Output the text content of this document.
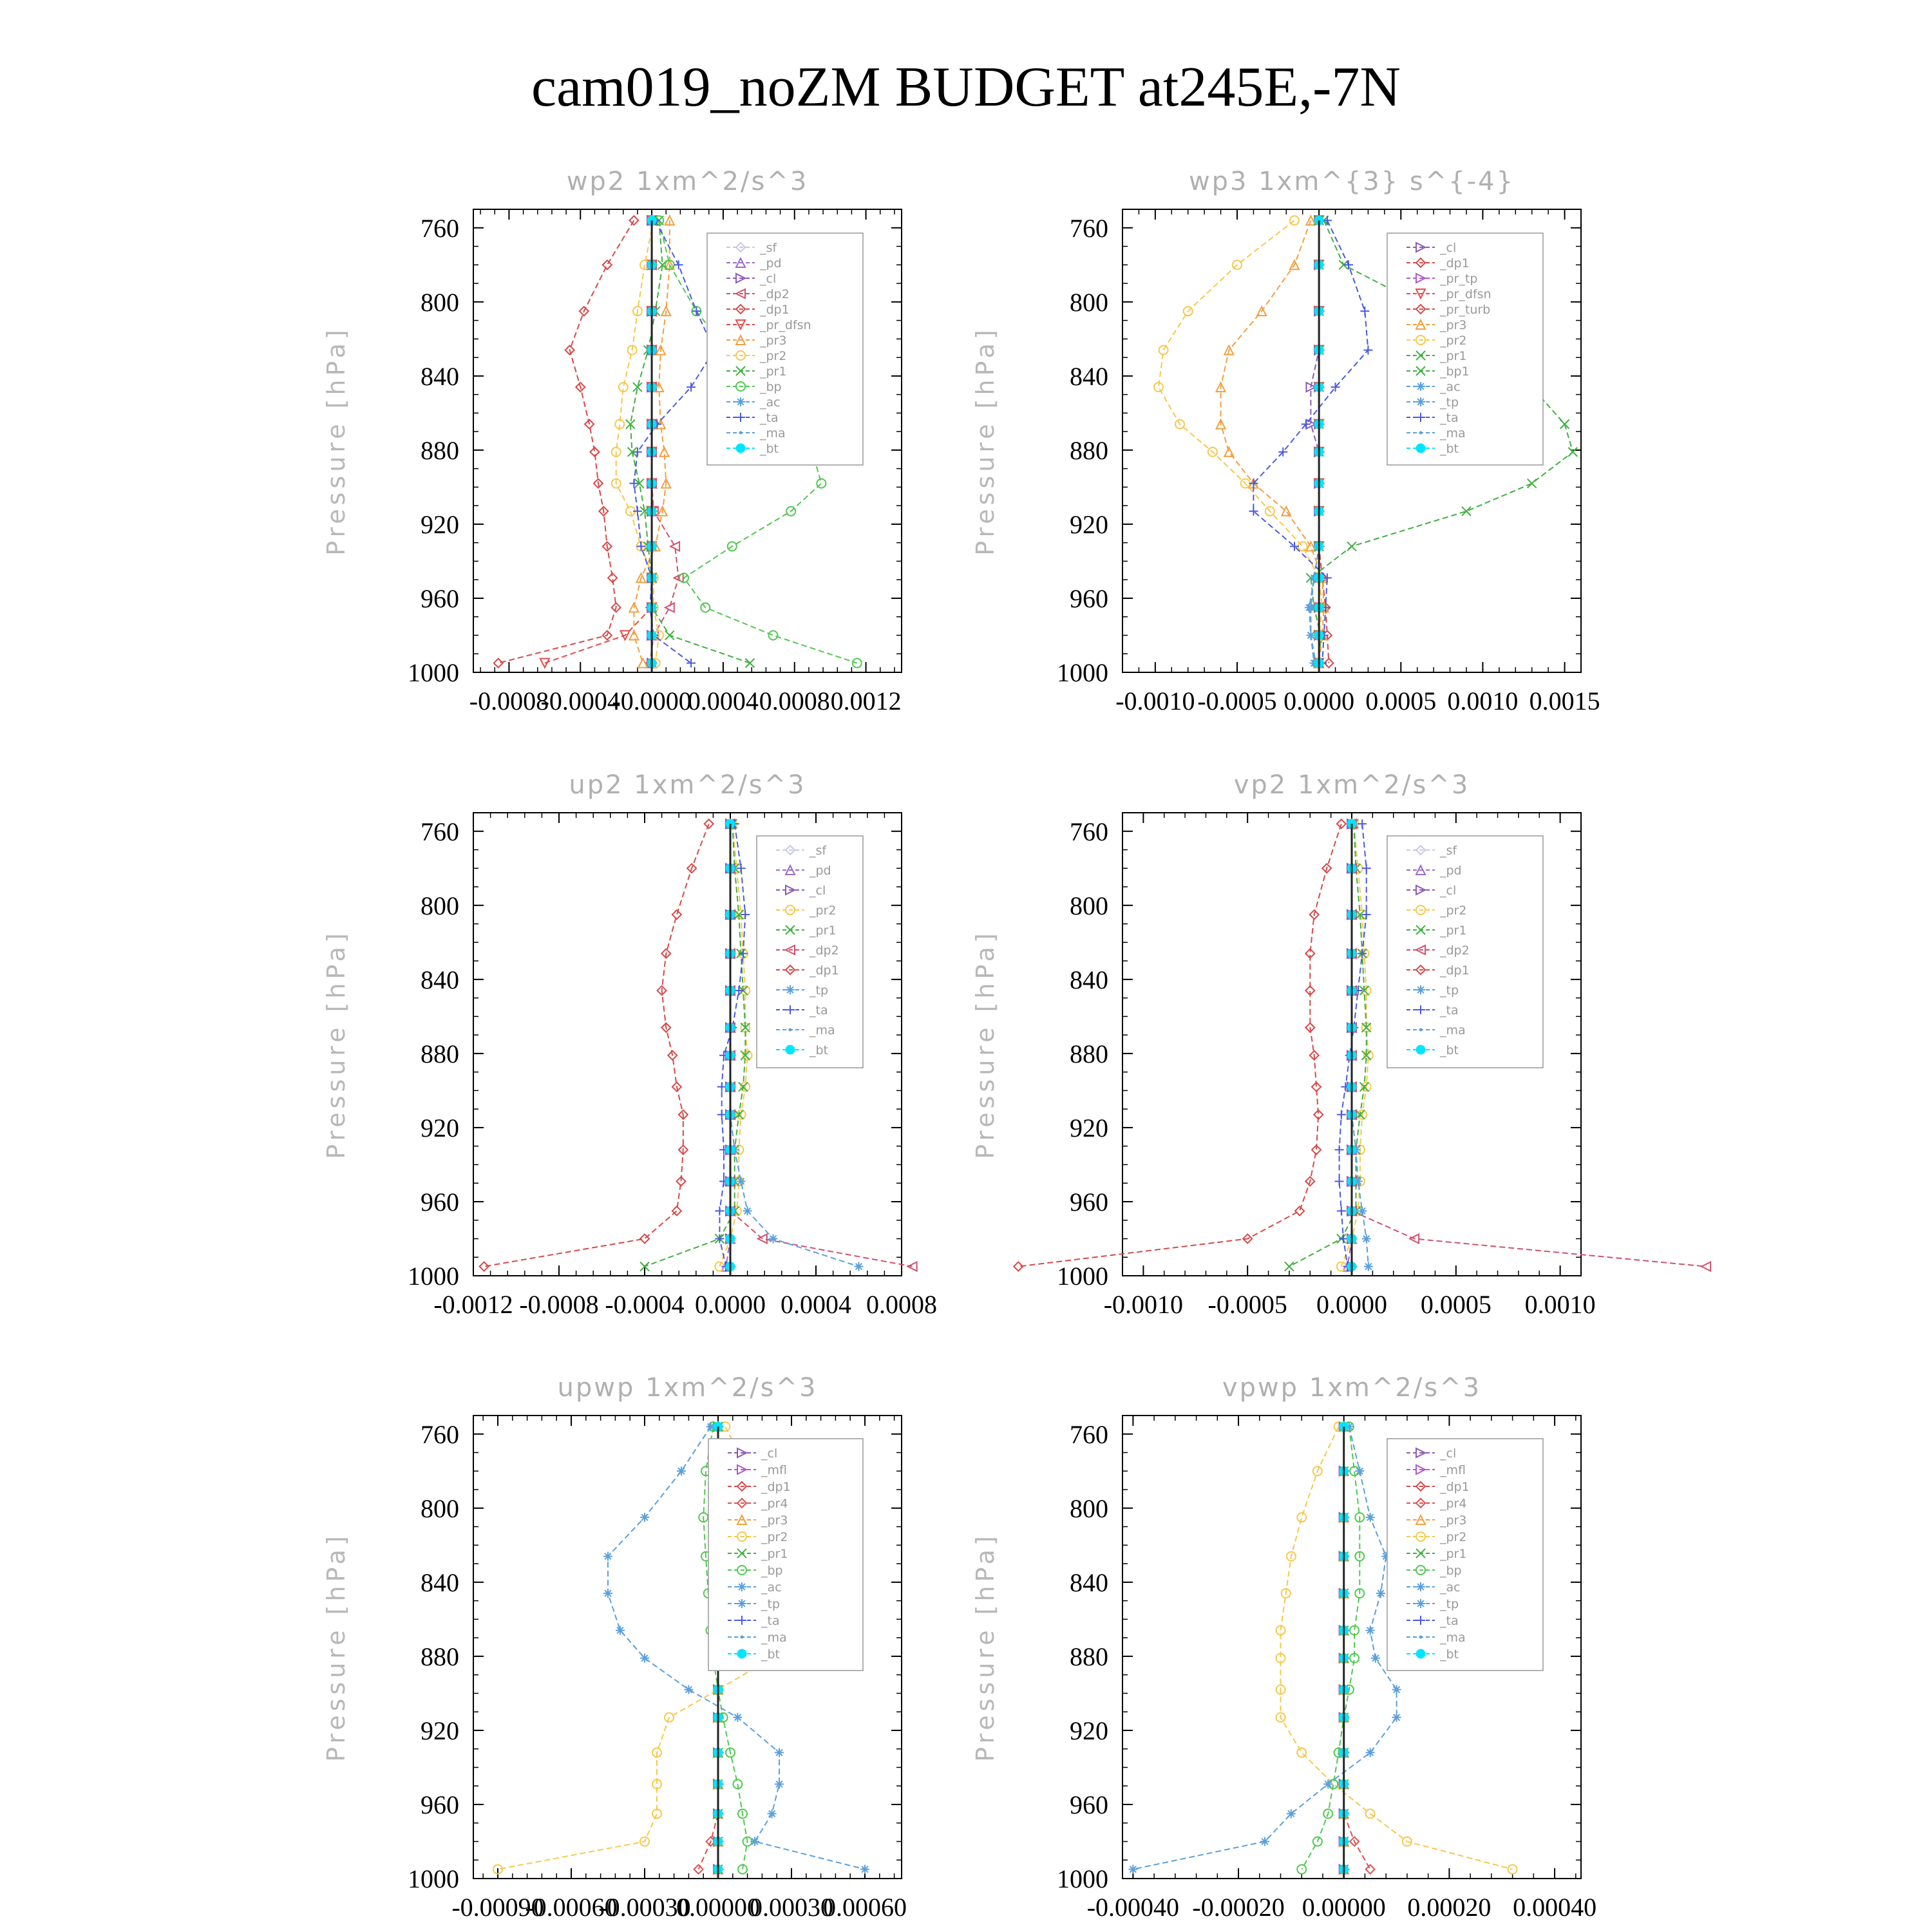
cam019_noZM BUDGET at245E,-7N
wp2 1xm^2/s^3
Pressure [hPa]
760
800
840
880
920
960
1000
-0.0008
-0.0004
-0.0000
0.0004 0.0008 0.0012
_sf
_pd
_cl
_dp2
_dp1
_pr_dfsn
_pr3
_pr2
_pr1
_bp
_ac
_ta
_ma
_bt
wp3 1xm^{3} s^{-4}
Pressure [hPa]
760
800
840
880
920
960
1000
-0.0010 -0.0005 0.0000 0.0005 0.0010 0.0015
_cl
_dp1
_pr_tp
_pr_dfsn
_pr_turb
_pr3
_pr2
_pr1
_bp1
_ac
_tp
_ta
_ma
_bt
up2 1xm^2/s^3
Pressure [hPa]
760
800
840
880
920
960
1000
-0.0012 -0.0008 -0.0004 0.0000 0.0004 0.0008
_sf
_pd
_cl
_pr2
_pr1
_dp2
_dp1
_tp
_ta
_ma
_bt
vp2 1xm^2/s^3
Pressure [hPa]
760
800
840
880
920
960
1000
-0.0010 -0.0005 0.0000 0.0005 0.0010
_sf
_pd
_cl
_pr2
_pr1
_dp2
_dp1
_tp
_ta
_ma
_bt
upwp 1xm^2/s^3
Pressure [hPa]
760
800
840
880
920
960
1000
-0.00090
-0.00060
-0.00030
0.00000
0.00030
0.00060
_cl
_mfl
_dp1
_pr4
_pr3
_pr2
_pr1
_bp
_ac
_tp
_ta
_ma
_bt
vpwp 1xm^2/s^3
Pressure [hPa]
760
800
840
880
920
960
1000
-0.00040 -0.00020 0.00000 0.00020 0.00040
_cl
_mfl
_dp1
_pr4
_pr3
_pr2
_pr1
_bp
_ac
_tp
_ta
_ma
_bt
